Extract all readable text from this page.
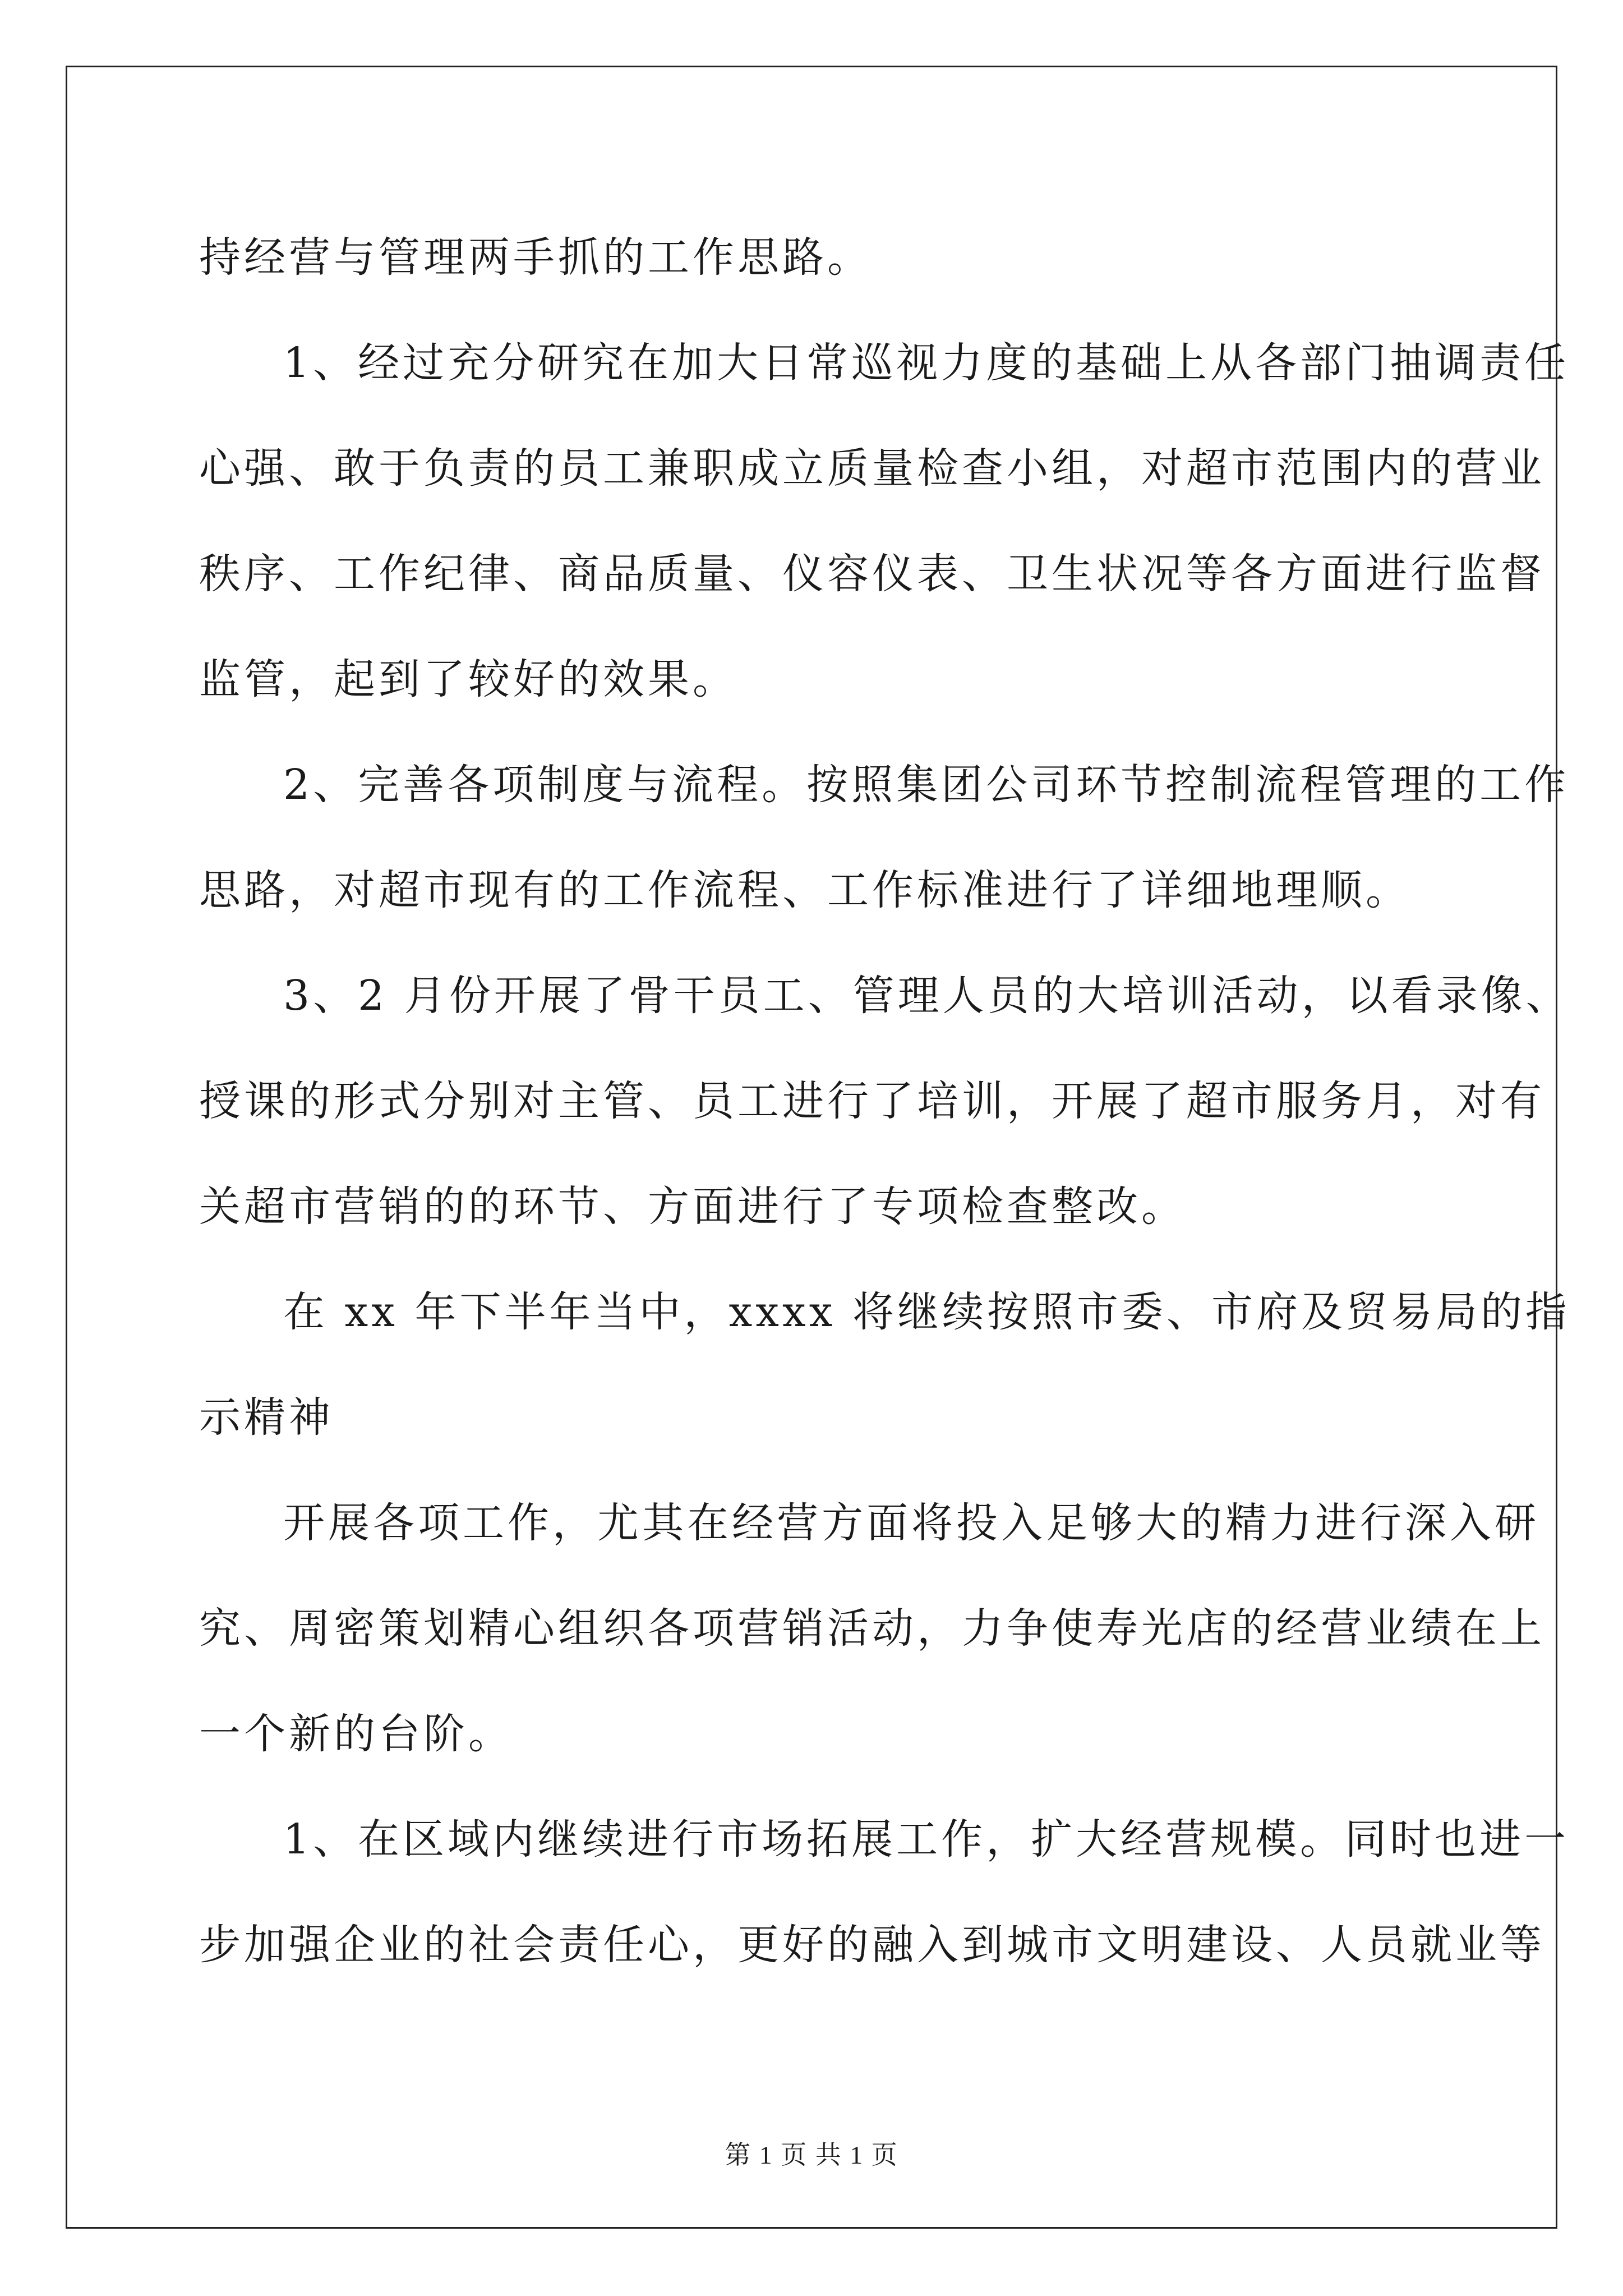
持经营与管理两手抓的工作思路。
1、经过充分研究在加大日常巡视力度的基础上从各部门抽调责任
心强、敢于负责的员工兼职成立质量检查小组，对超市范围内的营业
秩序、工作纪律、商品质量、仪容仪表、卫生状况等各方面进行监督
监管，起到了较好的效果。
2、完善各项制度与流程。按照集团公司环节控制流程管理的工作
思路，对超市现有的工作流程、工作标准进行了详细地理顺。
3、2 月份开展了骨干员工、管理人员的大培训活动，以看录像、
授课的形式分别对主管、员工进行了培训，开展了超市服务月，对有
关超市营销的的环节、方面进行了专项检查整改。
在 xx 年下半年当中，xxxx 将继续按照市委、市府及贸易局的指
示精神
开展各项工作，尤其在经营方面将投入足够大的精力进行深入研
究、周密策划精心组织各项营销活动，力争使寿光店的经营业绩在上
一个新的台阶。
1、在区域内继续进行市场拓展工作，扩大经营规模。同时也进一
步加强企业的社会责任心，更好的融入到城市文明建设、人员就业等
第 1 页 共 1 页
